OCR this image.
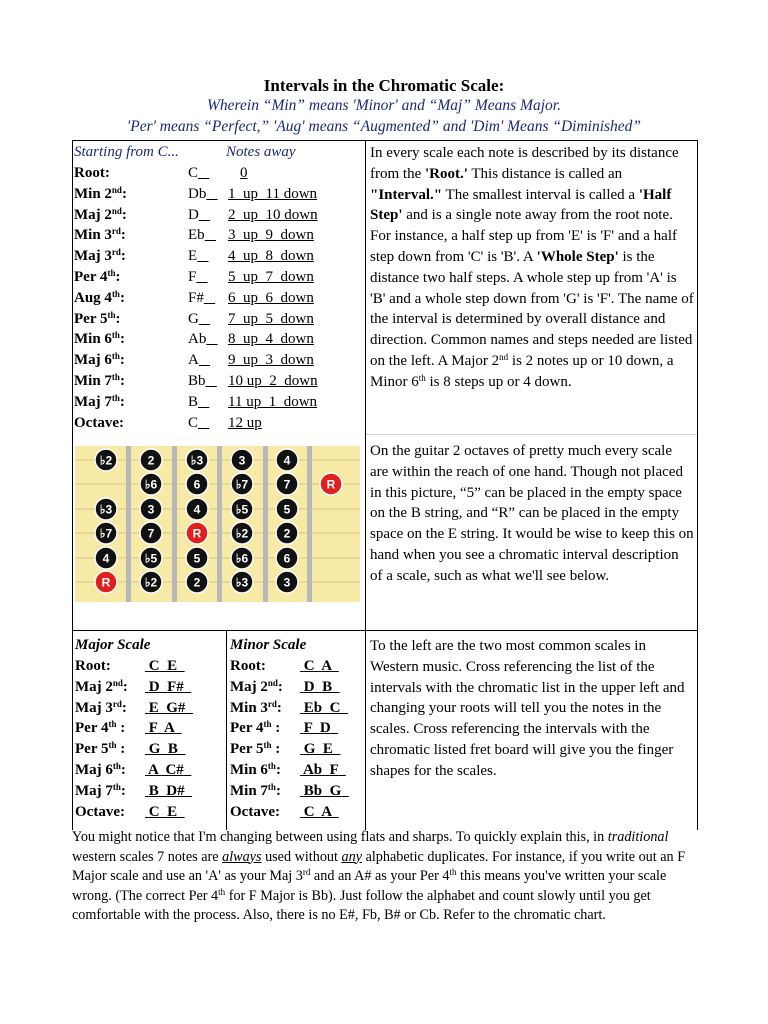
Intervals in the Chromatic Scale:
Wherein “Min” means 'Minor' and “Maj” Means Major.
'Per' means “Perfect,” 'Aug' means “Augmented” and 'Dim' Means “Diminished”
Starting from C...	Notes away
Root:	C	0
Min 2nd:	Db 1  up  11 down
Maj 2nd:	D 2  up  10 down
Min 3rd:	Eb 3  up  9  down
Maj 3rd:	E 4  up  8  down
Per 4th:	F 5  up  7  down
Aug 4th:	F# 6  up  6  down
Per 5th:	G 7  up  5  down
Min 6th:	Ab 8  up  4  down
Maj 6th:	A 9  up  3  down
Min 7th:	Bb 10 up  2  down
Maj 7th:	B 11 up  1  down
Octave:	C 12 up
In every scale each note is described by its distance from the 'Root.' This distance is called an "Interval." The smallest interval is called a 'Half Step' and is a single note away from the root note. For instance, a half step up from 'E' is 'F' and a half step down from 'C' is 'B'. A 'Whole Step' is the distance two half steps. A whole step up from 'A' is 'B' and a whole step down from 'G' is 'F'. The name of the interval is determined by overall distance and direction. Common names and steps needed are listed on the left. A Major 2nd is 2 notes up or 10 down, a Minor 6th is 8 steps up or 4 down.
♭2	2	♭3	3	4
♭6	6	♭7	7	R
♭3	3	4	♭5	5
♭7	7	R	♭2	2
4	♭5	5	♭6	6
R	♭2	2	♭3	3
On the guitar 2 octaves of pretty much every scale are within the reach of one hand. Though not placed in this picture, “5” can be placed in the empty space on the B string, and “R” can be placed in the empty space on the E string. It would be wise to keep this on hand when you see a chromatic interval description of a scale, such as what we'll see below.
Major Scale
Root:	C E
Maj 2nd: D F#
Maj 3rd: E G#
Per 4th : F A
Per 5th : G B
Maj 6th: A C#
Maj 7th: B D#
Octave: C E
Minor Scale
Root:	C A
Maj 2nd: D B
Min 3rd: Eb C
Per 4th : F D
Per 5th : G E
Min 6th: Ab F
Min 7th: Bb G
Octave: C A
To the left are the two most common scales in Western music. Cross referencing the list of the intervals with the chromatic list in the upper left and changing your roots will tell you the notes in the scales. Cross referencing the intervals with the chromatic listed fret board will give you the finger shapes for the scales.
You might notice that I'm changing between using flats and sharps. To quickly explain this, in traditional western scales 7 notes are always used without any alphabetic duplicates. For instance, if you write out an F Major scale and use an 'A' as your Maj 3rd and an A# as your Per 4th this means you've written your scale wrong. (The correct Per 4th for F Major is Bb). Just follow the alphabet and count slowly until you get comfortable with the process. Also, there is no E#, Fb, B# or Cb. Refer to the chromatic chart.
